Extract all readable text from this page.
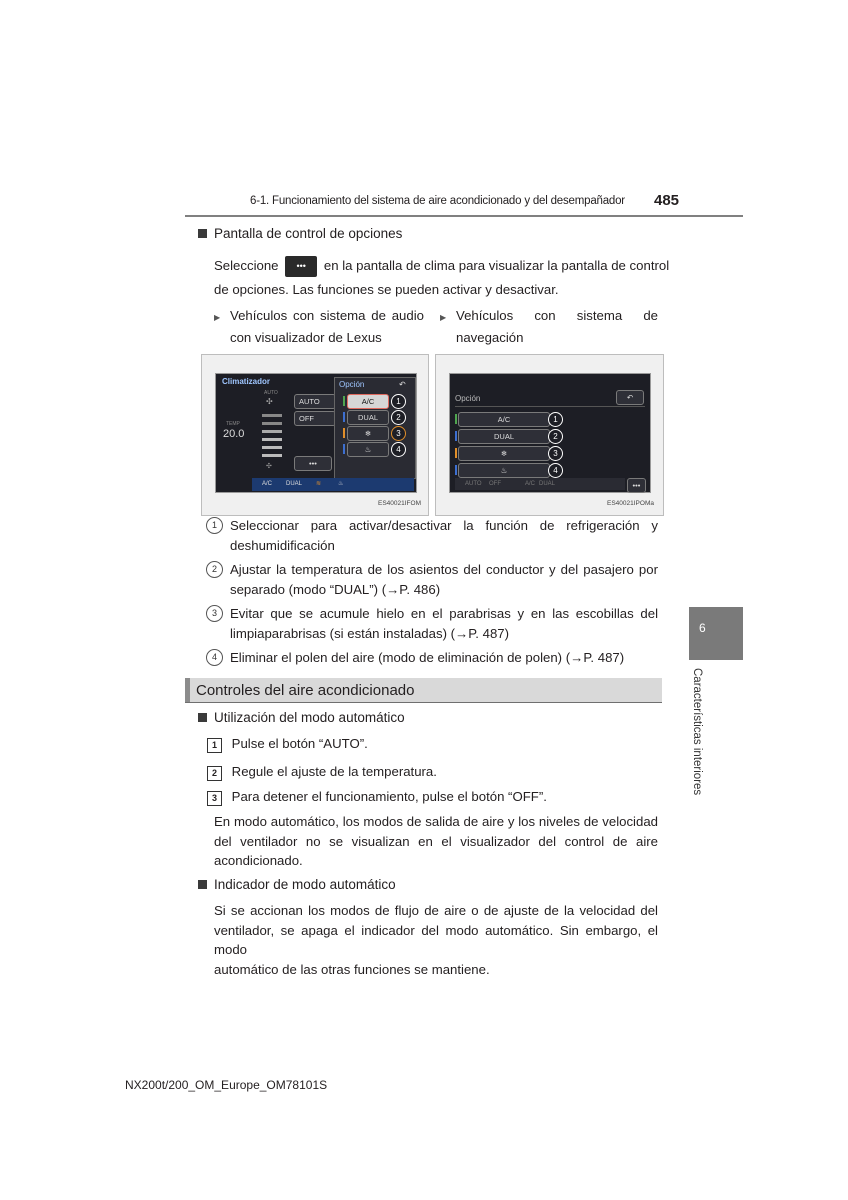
6-1. Funcionamiento del sistema de aire acondicionado y del desempañador 485
Pantalla de control de opciones
Seleccione ••• en la pantalla de clima para visualizar la pantalla de control
de opciones. Las funciones se pueden activar y desactivar.
▶ Vehículos con sistema de audio
con visualizador de Lexus
▶ Vehículos con sistema de
navegación
Climatizador
AUTO
✣
TEMP
20.0
✣
AUTO
OFF
Opción	↶
A/C
DUAL
❄︎
♨︎
1
2
3
4
•••
A/C DUAL ≋	♨︎
ES40021IFOM
Opción	↶
A/C
DUAL
❄︎
♨︎
1
2
3
4
AUTO OFF	A/C DUAL	•••
ES40021IPOMa
1 Seleccionar para activar/desactivar la función de refrigeración y
deshumidificación
2 Ajustar la temperatura de los asientos del conductor y del pasajero por
separado (modo “DUAL”) (→P. 486)
3 Evitar que se acumule hielo en el parabrisas y en las escobillas del
limpiaparabrisas (si están instaladas) (→P. 487)
4 Eliminar el polen del aire (modo de eliminación de polen) (→P. 487)
Controles del aire acondicionado
Utilización del modo automático
1 Pulse el botón “AUTO”.
2 Regule el ajuste de la temperatura.
3 Para detener el funcionamiento, pulse el botón “OFF”.
En modo automático, los modos de salida de aire y los niveles de velocidad
del ventilador no se visualizan en el visualizador del control de aire
acondicionado.
Indicador de modo automático
Si se accionan los modos de flujo de aire o de ajuste de la velocidad del
ventilador, se apaga el indicador del modo automático. Sin embargo, el modo
automático de las otras funciones se mantiene.
6
Características interiores
NX200t/200_OM_Europe_OM78101S
